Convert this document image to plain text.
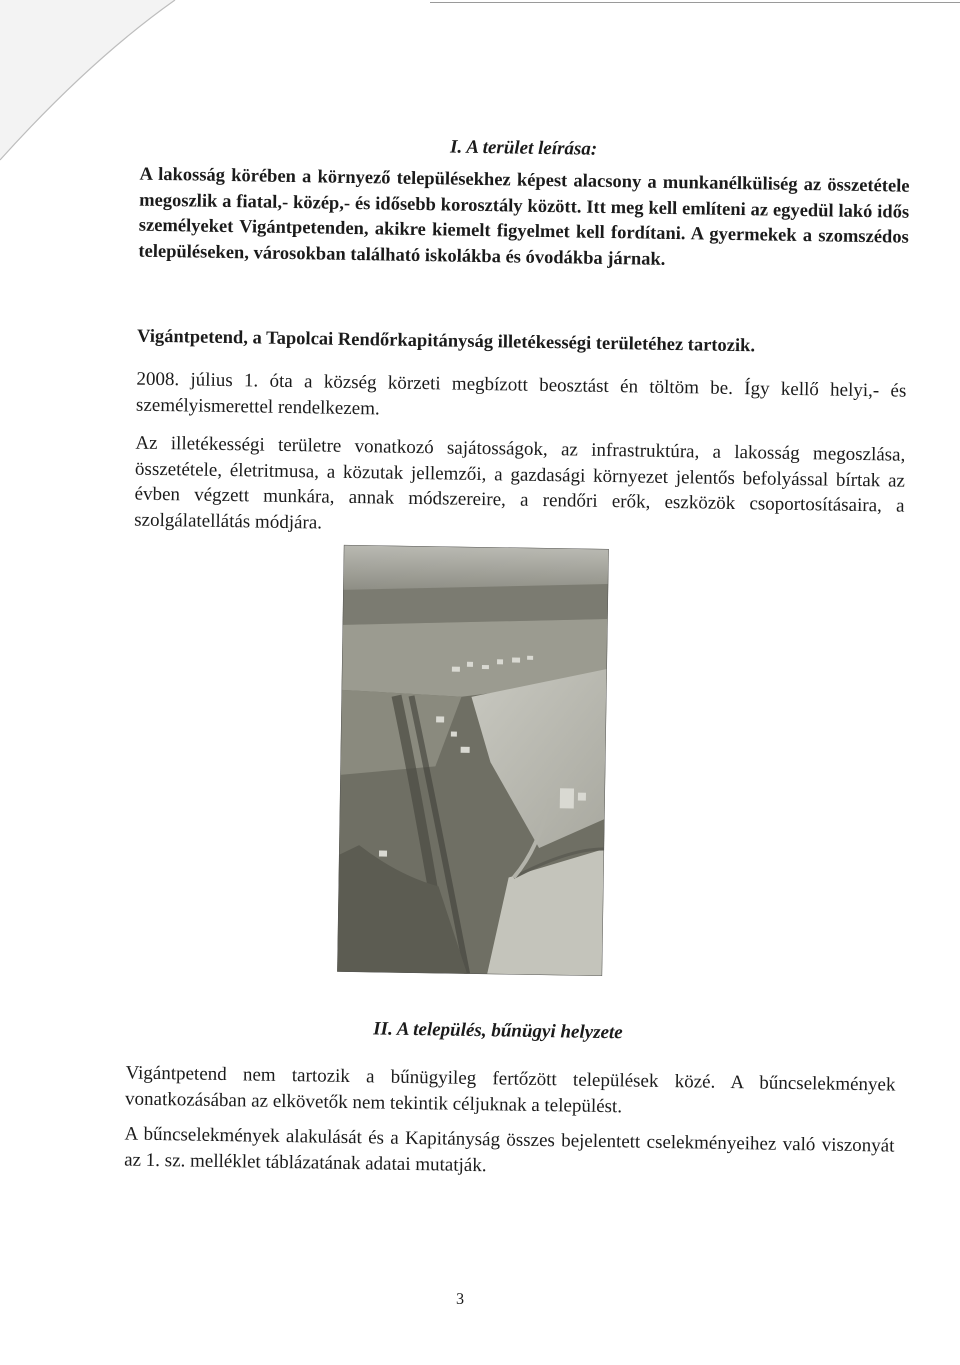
I. A terület leírása:

A lakosság körében a környező településekhez képest alacsony a munkanélküliség az összetétele megoszlik a fiatal,- közép,- és idősebb korosztály között. Itt meg kell említeni az egyedül lakó idős személyeket Vigántpetenden, akikre kiemelt figyelmet kell fordítani. A gyermekek a szomszédos településeken, városokban található iskolákba és óvodákba járnak.

Vigántpetend, a Tapolcai Rendőrkapitányság illetékességi területéhez tartozik.

2008. július 1. óta a község körzeti megbízott beosztást én töltöm be. Így kellő helyi,- és személyismerettel rendelkezem.

Az illetékességi területre vonatkozó sajátosságok, az infrastruktúra, a lakosság megoszlása, összetétele, életritmusa, a közutak jellemzői, a gazdasági környezet jelentős befolyással bírtak az évben végzett munkára, annak módszereire, a rendőri erők, eszközök csoportosításaira, a szolgálatellátás módjára.

II. A település, bűnügyi helyzete

Vigántpetend nem tartozik a bűnügyileg fertőzött települések közé. A bűncselekmények vonatkozásában az elkövetők nem tekintik céljuknak a települést.

A bűncselekmények alakulását és a Kapitányság összes bejelentett cselekményeihez való viszonyát az 1. sz. melléklet táblázatának adatai mutatják.

3
